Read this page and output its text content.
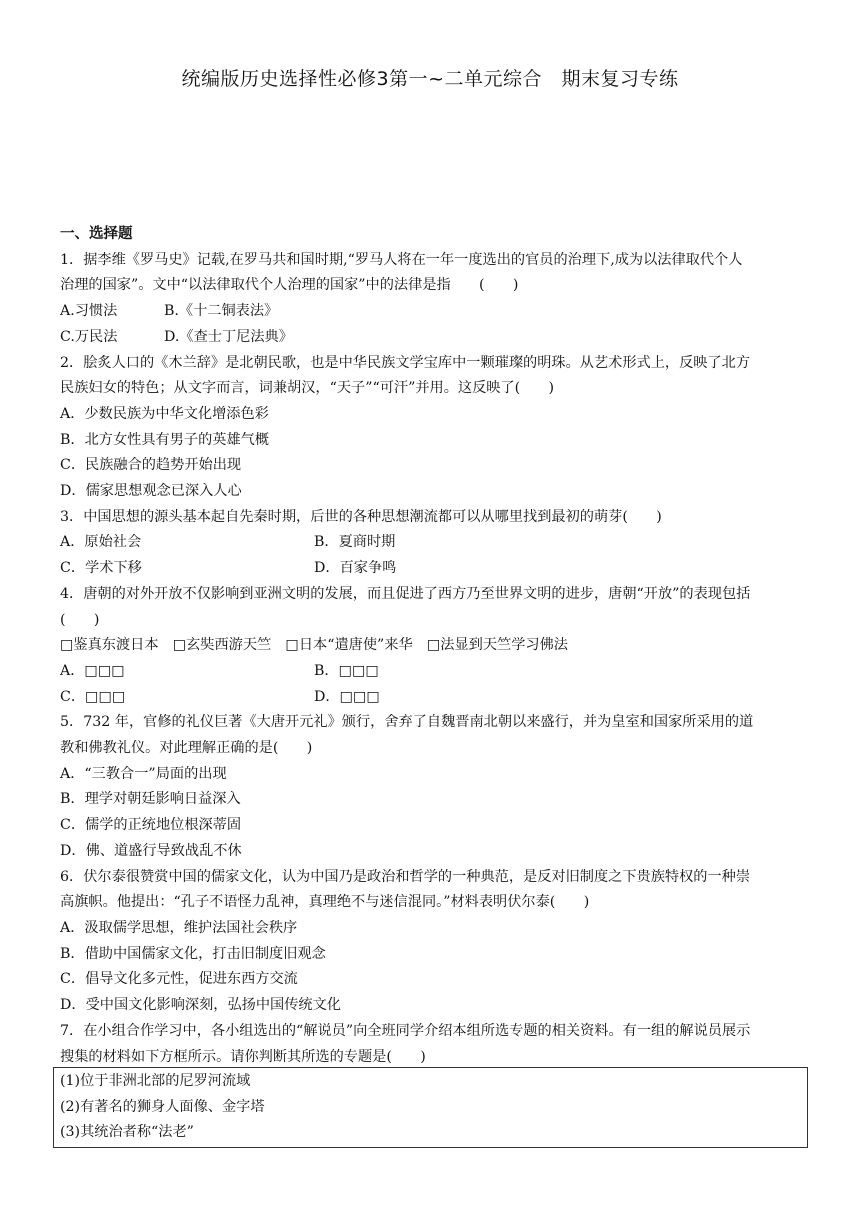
统编版历史选择性必修3第一~二单元综合　期末复习专练
一、选择题
1．据李维《罗马史》记载,在罗马共和国时期,“罗马人将在一年一度选出的官员的治理下,成为以法律取代个人
治理的国家”。文中“以法律取代个人治理的国家”中的法律是指　　(　　)
A.习惯法	B.《十二铜表法》
C.万民法	D.《查士丁尼法典》
2．脍炙人口的《木兰辞》是北朝民歌，也是中华民族文学宝库中一颗璀璨的明珠。从艺术形式上，反映了北方
民族妇女的特色；从文字而言，词兼胡汉，“天子”“可汗”并用。这反映了(　　)
A．少数民族为中华文化增添色彩
B．北方女性具有男子的英雄气概
C．民族融合的趋势开始出现
D．儒家思想观念已深入人心
3．中国思想的源头基本起自先秦时期，后世的各种思想潮流都可以从哪里找到最初的萌芽(　　)
A．原始社会	B．夏商时期
C．学术下移	D．百家争鸣
4．唐朝的对外开放不仅影响到亚洲文明的发展，而且促进了西方乃至世界文明的进步，唐朝“开放”的表现包括
(　　)
□鉴真东渡日本　□玄奘西游天竺　□日本“遣唐使”来华　□法显到天竺学习佛法
A．□□□	B．□□□
C．□□□	D．□□□
5．732 年，官修的礼仪巨著《大唐开元礼》颁行，舍弃了自魏晋南北朝以来盛行，并为皇室和国家所采用的道
教和佛教礼仪。对此理解正确的是(　　)
A．“三教合一”局面的出现
B．理学对朝廷影响日益深入
C．儒学的正统地位根深蒂固
D．佛、道盛行导致战乱不休
6．伏尔泰很赞赏中国的儒家文化，认为中国乃是政治和哲学的一种典范，是反对旧制度之下贵族特权的一种崇
高旗帜。他提出：“孔子不语怪力乱神，真理绝不与迷信混同。”材料表明伏尔泰(　　)
A．汲取儒学思想，维护法国社会秩序
B．借助中国儒家文化，打击旧制度旧观念
C．倡导文化多元性，促进东西方交流
D．受中国文化影响深刻，弘扬中国传统文化
7．在小组合作学习中，各小组选出的“解说员”向全班同学介绍本组所选专题的相关资料。有一组的解说员展示
搜集的材料如下方框所示。请你判断其所选的专题是(　　)
(1)位于非洲北部的尼罗河流域
(2)有著名的狮身人面像、金字塔
(3)其统治者称“法老”
